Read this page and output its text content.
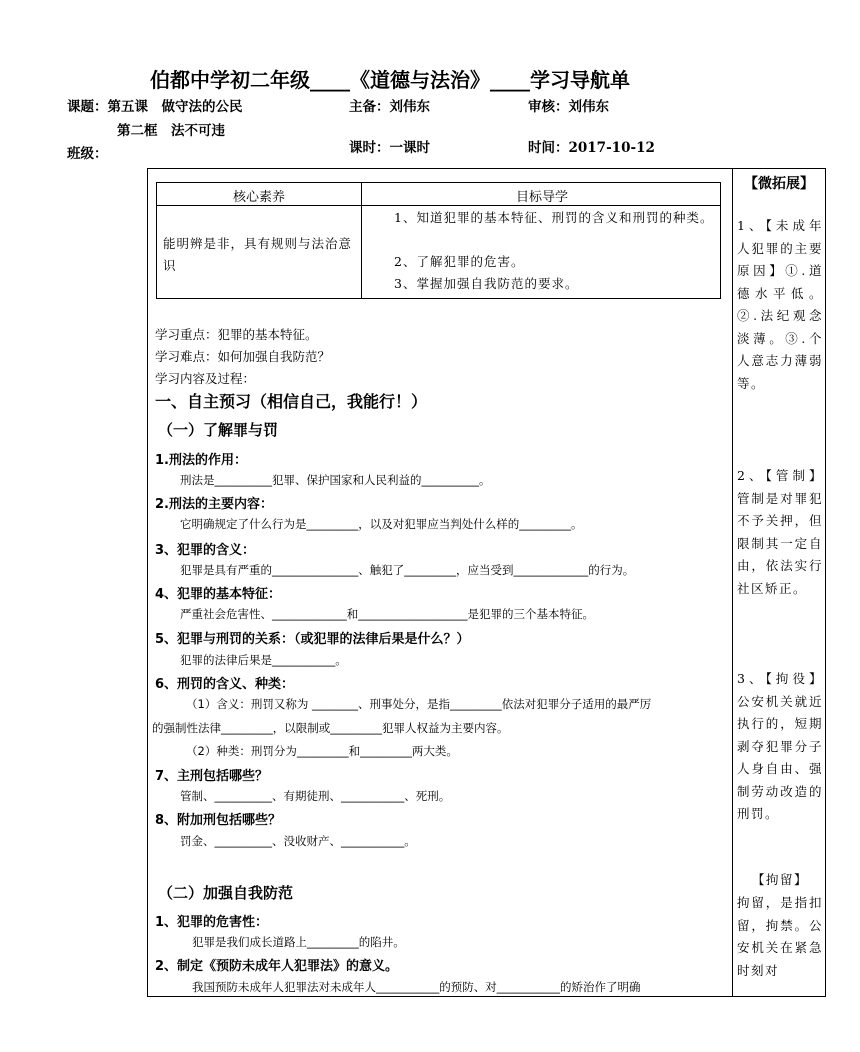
伯都中学初二年级____《道德与法治》____学习导航单
课题：第五课　做守法的公民
第二框　法不可违
班级：
主备：刘伟东	审核：刘伟东
课时：一课时	时间：2017-10-12
核心素养	目标导学
能明辨是非，具有规则与法治意识
1、知道犯罪的基本特征、刑罚的含义和刑罚的种类。
2、了解犯罪的危害。
3、掌握加强自我防范的要求。
学习重点：犯罪的基本特征。
学习难点：如何加强自我防范？
学习内容及过程：
一、自主预习（相信自己，我能行！）
（一）了解罪与罚
1.刑法的作用：
刑法是__________犯罪、保护国家和人民利益的__________。
2.刑法的主要内容：
它明确规定了什么行为是_________，以及对犯罪应当判处什么样的_________。
3、犯罪的含义：
犯罪是具有严重的_______________、触犯了_________，应当受到_____________的行为。
4、犯罪的基本特征：
严重社会危害性、_____________和___________________是犯罪的三个基本特征。
5、犯罪与刑罚的关系：（或犯罪的法律后果是什么？）
犯罪的法律后果是___________。
6、刑罚的含义、种类：
（1）含义：刑罚又称为 ________、刑事处分，是指_________依法对犯罪分子适用的最严厉
的强制性法律_________，以限制或_________犯罪人权益为主要内容。
（2）种类：刑罚分为_________和_________两大类。
7、主刑包括哪些？
管制、__________、有期徒刑、___________、死刑。
8、附加刑包括哪些？
罚金、__________、没收财产、___________。
（二）加强自我防范
1、犯罪的危害性：
犯罪是我们成长道路上_________的陷井。
2、制定《预防未成年人犯罪法》的意义。
我国预防未成年人犯罪法对未成年人___________的预防、对___________的矫治作了明确
【微拓展】
1、【未成年人犯罪的主要原因】①.道德水平低。②.法纪观念淡薄。③.个人意志力薄弱等。
2、【管制】管制是对罪犯不予关押，但限制其一定自由，依法实行社区矫正。
3、【拘役】公安机关就近执行的，短期剥夺犯罪分子人身自由、强制劳动改造的刑罚。
【拘留】
拘留，是指扣留，拘禁。公安机关在紧急时刻对
